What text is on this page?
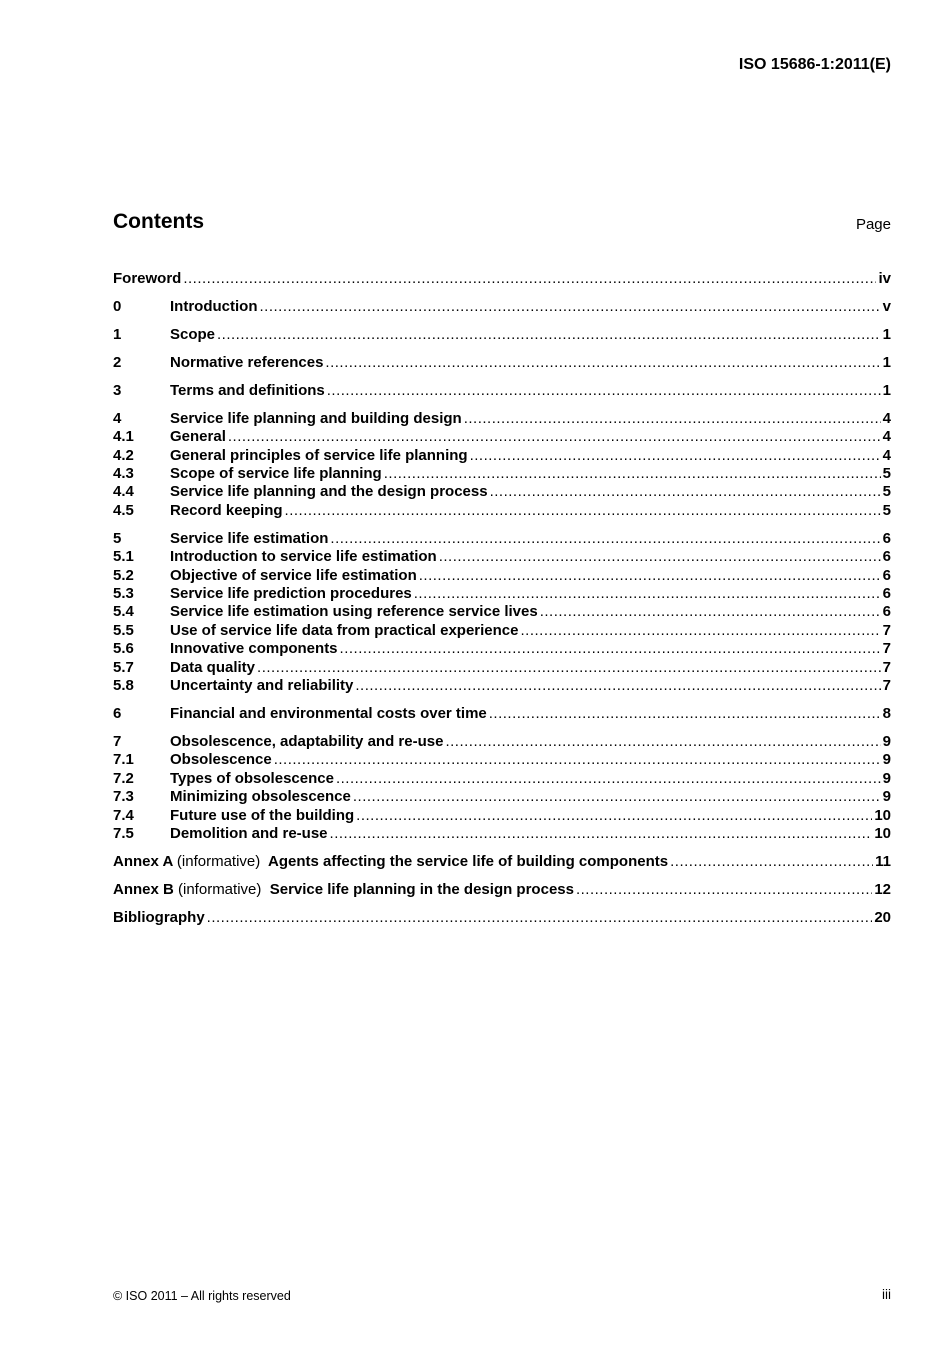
ISO 15686-1:2011(E)
Contents	Page
Foreword .....	iv
0	Introduction .....	v
1	Scope .....	1
2	Normative references .....	1
3	Terms and definitions .....	1
4	Service life planning and building design .....	4
4.1	General .....	4
4.2	General principles of service life planning .....	4
4.3	Scope of service life planning .....	5
4.4	Service life planning and the design process .....	5
4.5	Record keeping .....	5
5	Service life estimation .....	6
5.1	Introduction to service life estimation .....	6
5.2	Objective of service life estimation .....	6
5.3	Service life prediction procedures .....	6
5.4	Service life estimation using reference service lives .....	6
5.5	Use of service life data from practical experience .....	7
5.6	Innovative components .....	7
5.7	Data quality .....	7
5.8	Uncertainty and reliability .....	7
6	Financial and environmental costs over time .....	8
7	Obsolescence, adaptability and re-use .....	9
7.1	Obsolescence .....	9
7.2	Types of obsolescence .....	9
7.3	Minimizing obsolescence .....	9
7.4	Future use of the building .....	10
7.5	Demolition and re-use .....	10
Annex A (informative) Agents affecting the service life of building components .....	11
Annex B (informative) Service life planning in the design process .....	12
Bibliography .....	20
© ISO 2011 – All rights reserved	iii
